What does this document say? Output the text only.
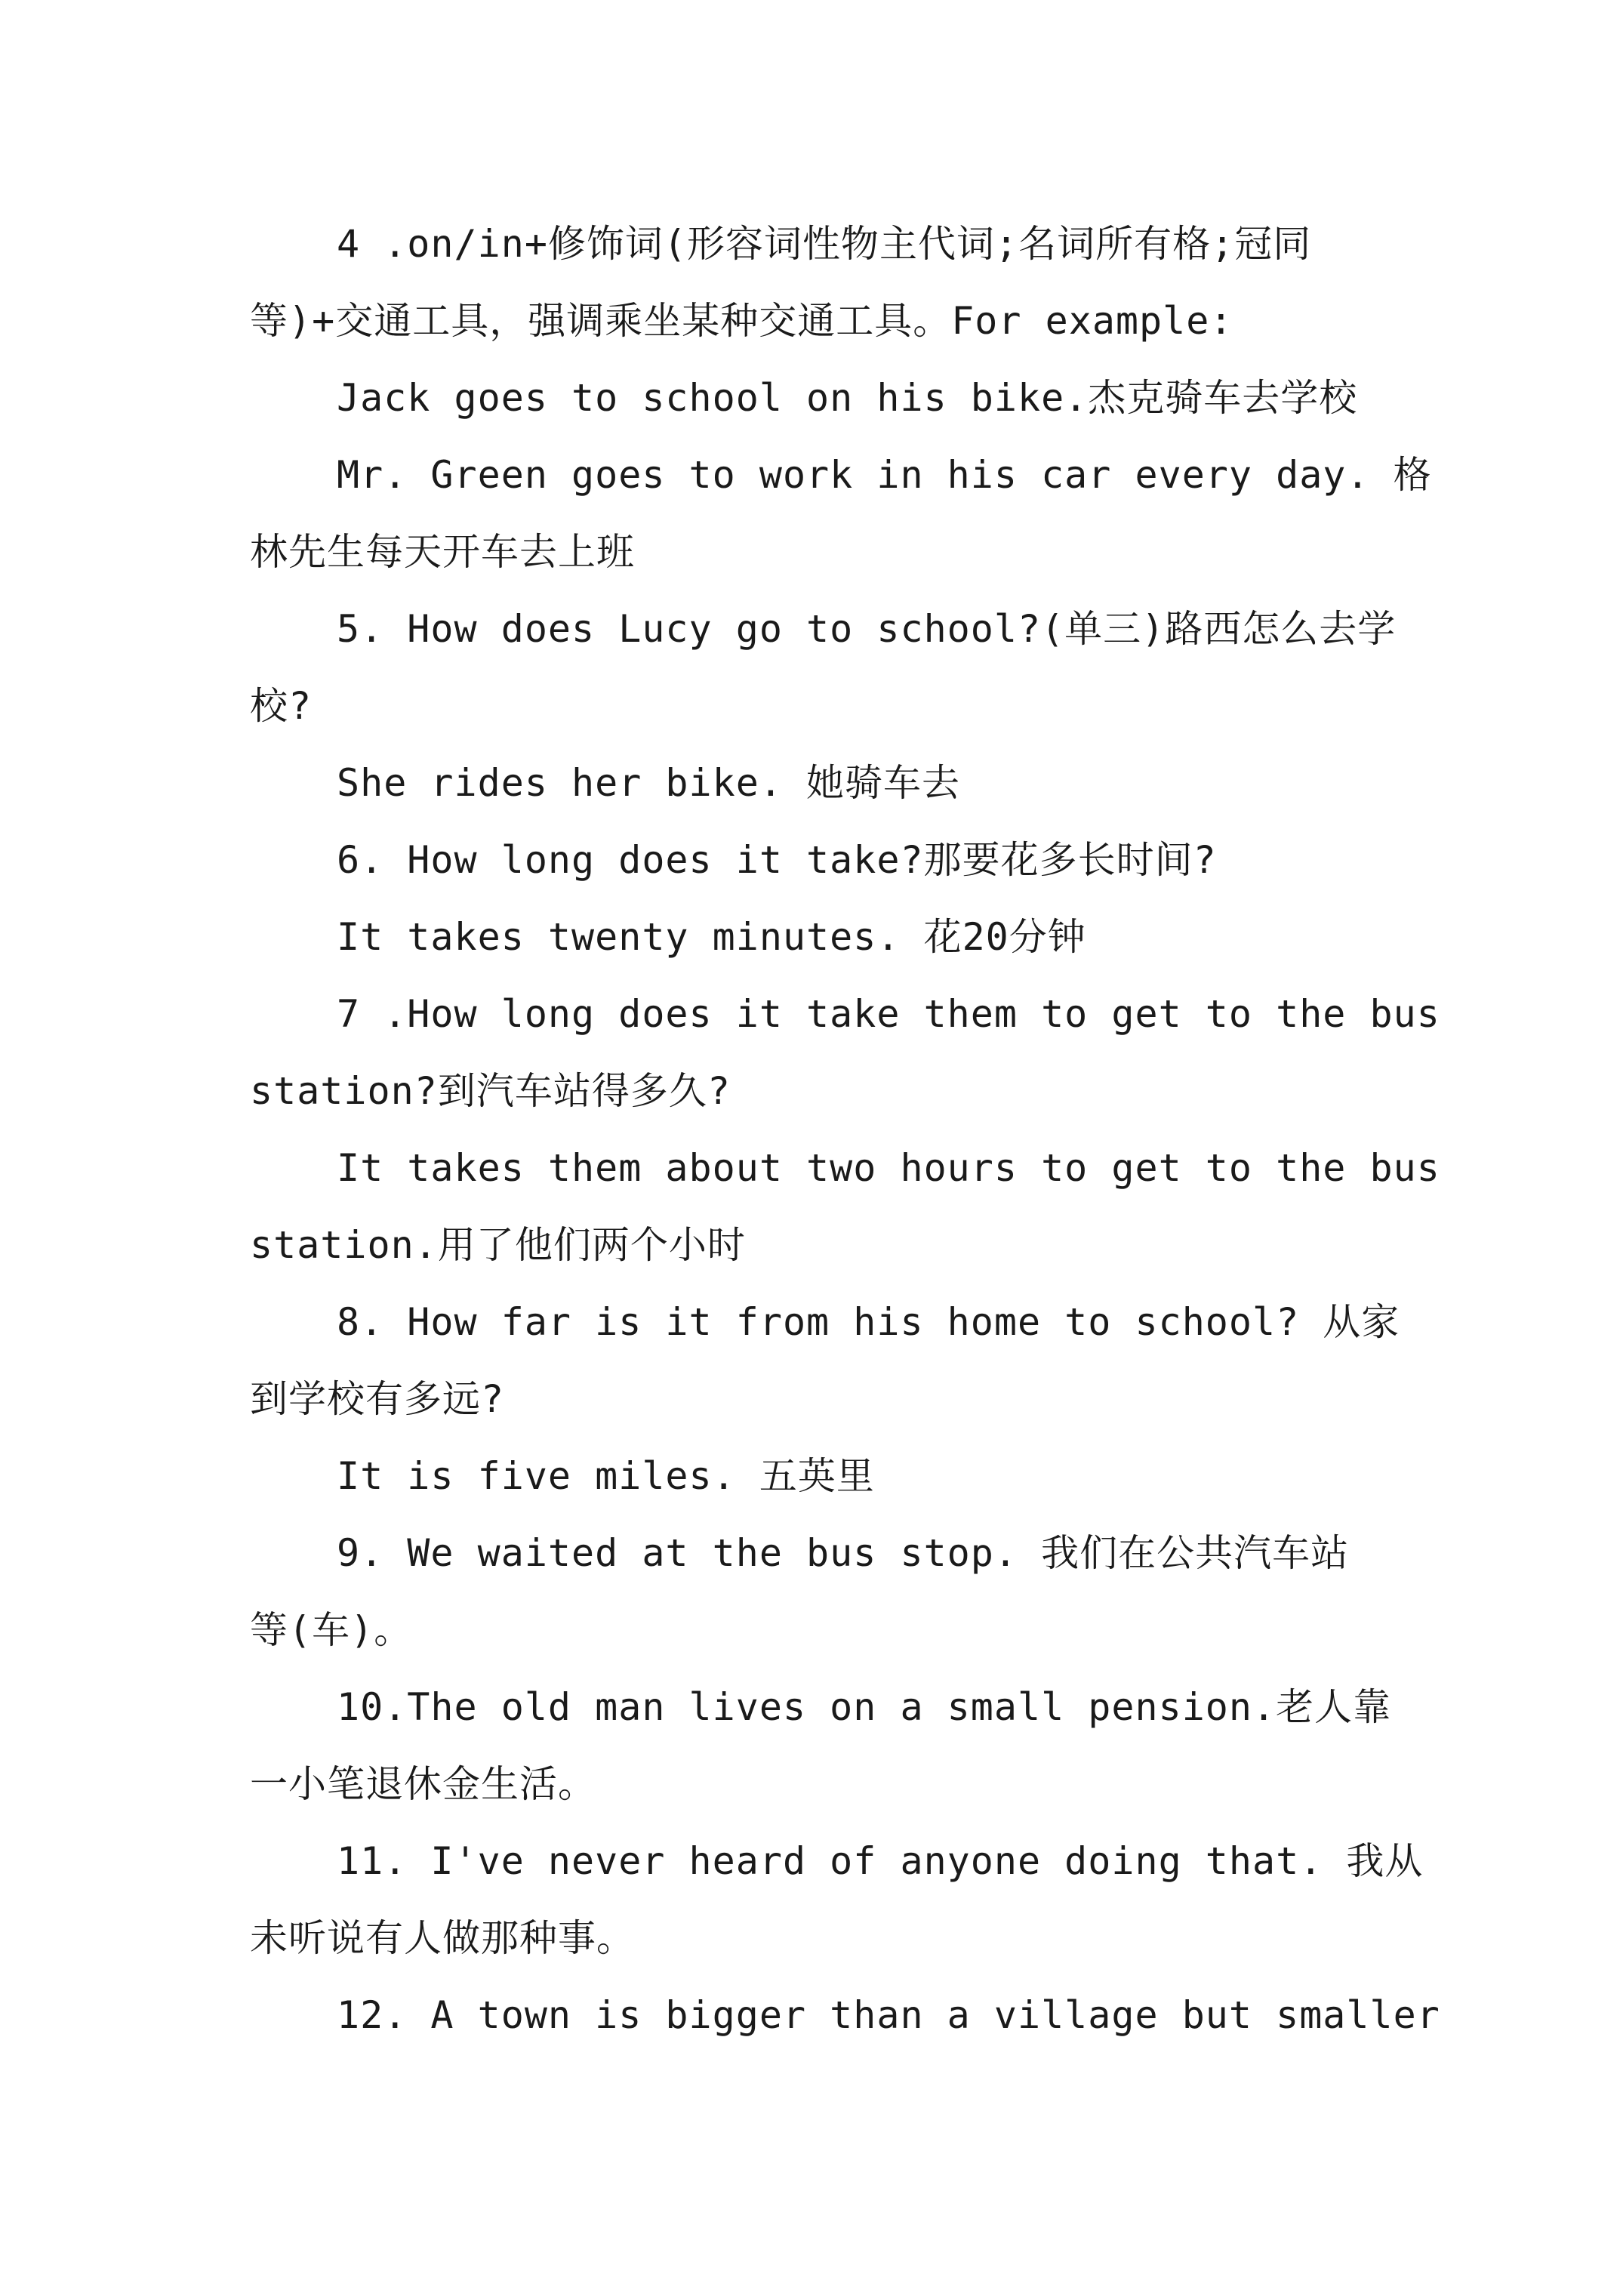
4 .on/in+修饰词(形容词性物主代词;名词所有格;冠同
等)+交通工具，强调乘坐某种交通工具。For example:
Jack goes to school on his bike.杰克骑车去学校
Mr. Green goes to work in his car every day. 格
林先生每天开车去上班
5. How does Lucy go to school?(单三)路西怎么去学
校?
She rides her bike. 她骑车去
6. How long does it take?那要花多长时间?
It takes twenty minutes. 花20分钟
7 .How long does it take them to get to the bus
station?到汽车站得多久?
It takes them about two hours to get to the bus
station.用了他们两个小时
8. How far is it from his home to school? 从家
到学校有多远?
It is five miles. 五英里
9. We waited at the bus stop. 我们在公共汽车站
等(车)。
10.The old man lives on a small pension.老人靠
一小笔退休金生活。
11. I've never heard of anyone doing that. 我从
未听说有人做那种事。
12. A town is bigger than a village but smaller
